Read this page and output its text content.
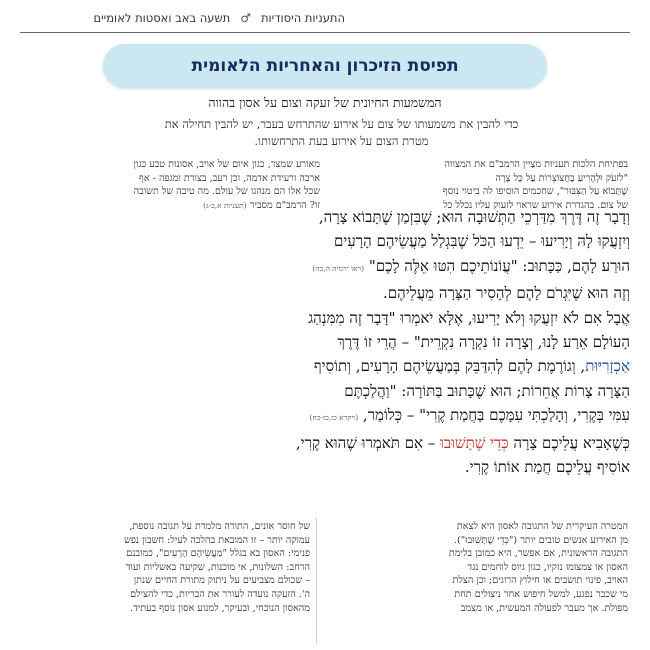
התעניות היסודיות
♂
תשעה באב ואסטות לאומיים
תפיסת הזיכרון והאחריות הלאומית
המשמעות החיונית של זעקה וצום על אסון בהווה
כדי להבין את משמעותו של צום על אירוע שהתרחש בעבר, יש להבין תחילה את
מטרת הצום על אירוע בעת התרחשותו.
בפתיחת הלכות תעניות מצַיין הרמב"ם את המצווה
"לזעֹק וּלְהָרִיעַ בַּחֲצוֹצְרוֹת עַל כָּל צָרָה
שֶׁתָּבוֹא עַל הַצִּבּוּר", שחכמים הוסיפו לה ביטוי נוסף
של צום. בהגדרת אירוע שראוי לזעוק עליו נכלל כל
מאורע שמצר, כגון איום של אויב, אסונות טבע כגון
ארבה ורעידת אדמה, וכן רעב, בצורת ומגפה - אף
שכל אלו הם מנהגו של עולם. מה טיבה של תשובה
זו? הרמב"ם מסביר (תעניות א,ב-ג)
וְדָבָר זֶה דֶּרֶךְ מִדַּרְכֵי הַתְּשׁוּבָה הוּא; שֶׁבִּזְמַן שֶׁתָּבוֹא צָרָה,
וְיִזְעֲקוּ לָהּ וְיָרִיעוּ – יֵדְעוּ הַכֹּל שֶׁבִּגְלַל מַעֲשֵׂיהֶם הָרָעִים
הוּרַע לָהֶם, כַּכָּתוּב: "עֲוֹנוֹתֵיכֶם הִטּוּ אֵלֶּה לָכֶם" (ראו ירמיה ה,כה)
וְזֶה הוּא שֶׁיִּגְרֹם לָהֶם לְהָסִיר הַצָּרָה מֵעֲלֵיהֶם.
אֲבָל אִם לֹא יִזְעֲקוּ וְלֹא יָרִיעוּ, אֶלָּא יֹאמְרוּ "דָּבָר זֶה מִמִּנְהַג
הָעוֹלָם אֵרַע לָנוּ, וְצָרָה זוֹ נִקְרָה נִקְרֵית" – הֲרֵי זוֹ דֶּרֶךְ
אַכְזָרִיּוּת, וְגוֹרֶמֶת לָהֶם לְהִדַּבֵּק בְּמַעֲשֵׂיהֶם הָרָעִים, וְתוֹסִיף
הַצָּרָה צָרוֹת אֲחֵרוֹת; הוּא שֶׁכָּתוּב בַּתּוֹרָה: "וַהֲלַכְתֶּם
עִמִּי בְּקֶרִי, וְהָלַכְתִּי עִמָּכֶם בַּחֲמַת קֶרִי" – כְּלוֹמַר, (ויקרא כו,כז-כח)
כְּשֶׁאָבִיא עֲלֵיכֶם צָרָה כְּדֵי שֶׁתָּשׁוּבוּ – אִם תֹּאמְרוּ שֶׁהוּא קֶרִי,
אוֹסִיף עֲלֵיכֶם חֲמַת אוֹתוֹ קֶרִי.
המטרה העיקרית של התגובה לאסון היא לצאת
מן האירוע אנשים טובים יותר ("כְּדֵי שֶׁתָּשׁוּבוּ").
התגובה הראשונית, אם אפשר, היא כמובן בלימת
האסון או צמצומו נזקיו, כגון גיוס לוחמים נגד
האויב, פינוי תושבים או חילוץ הרוגים; וכן הצלת
מי שכבר נפגע, למשל חיפוש אחר ניצולים תחת
מפולת. אך מעבר לפעולה המעשית, או מצמב
של חוסר אונים, התורה מלמדת על תגובה נוספת,
עמוקה יותר – זו המובאת בהלכה לעיל: חשבון נפש
פנימי: האסון בא בגלל "מַעֲשֵׂיהֶם הָרָעִים", כמובנם
הרחב: השלונות, אי מוכנות, שקיעה באשליות ועוד
– שכולם מצביעים על ניתוק מתורת החיים שנתן
ה'. הזעקה נועדה לעורר את הבריות, כדי להצילם
מהאסון הנוכחי, ובעיקר, למנוע אסון נוסף בעתיד.
